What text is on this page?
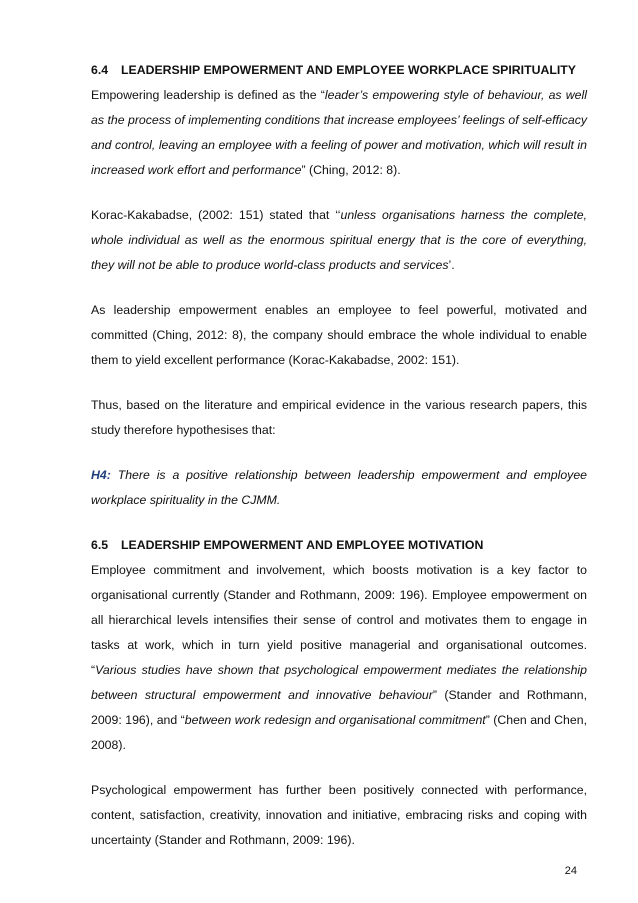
6.4	LEADERSHIP EMPOWERMENT AND EMPLOYEE WORKPLACE SPIRITUALITY

Empowering leadership is defined as the “leader’s empowering style of behaviour, as well as the process of implementing conditions that increase employees’ feelings of self-efficacy and control, leaving an employee with a feeling of power and motivation, which will result in increased work effort and performance” (Ching, 2012: 8).

Korac-Kakabadse, (2002: 151) stated that ‘‘unless organisations harness the complete, whole individual as well as the enormous spiritual energy that is the core of everything, they will not be able to produce world-class products and services’.

As leadership empowerment enables an employee to feel powerful, motivated and committed (Ching, 2012: 8), the company should embrace the whole individual to enable them to yield excellent performance (Korac-Kakabadse, 2002: 151).

Thus, based on the literature and empirical evidence in the various research papers, this study therefore hypothesises that:

H4: There is a positive relationship between leadership empowerment and employee workplace spirituality in the CJMM.

6.5	LEADERSHIP EMPOWERMENT AND EMPLOYEE MOTIVATION

Employee commitment and involvement, which boosts motivation is a key factor to organisational currently (Stander and Rothmann, 2009: 196). Employee empowerment on all hierarchical levels intensifies their sense of control and motivates them to engage in tasks at work, which in turn yield positive managerial and organisational outcomes. “Various studies have shown that psychological empowerment mediates the relationship between structural empowerment and innovative behaviour” (Stander and Rothmann, 2009: 196), and “between work redesign and organisational commitment” (Chen and Chen, 2008).

Psychological empowerment has further been positively connected with performance, content, satisfaction, creativity, innovation and initiative, embracing risks and coping with uncertainty (Stander and Rothmann, 2009: 196).

24
